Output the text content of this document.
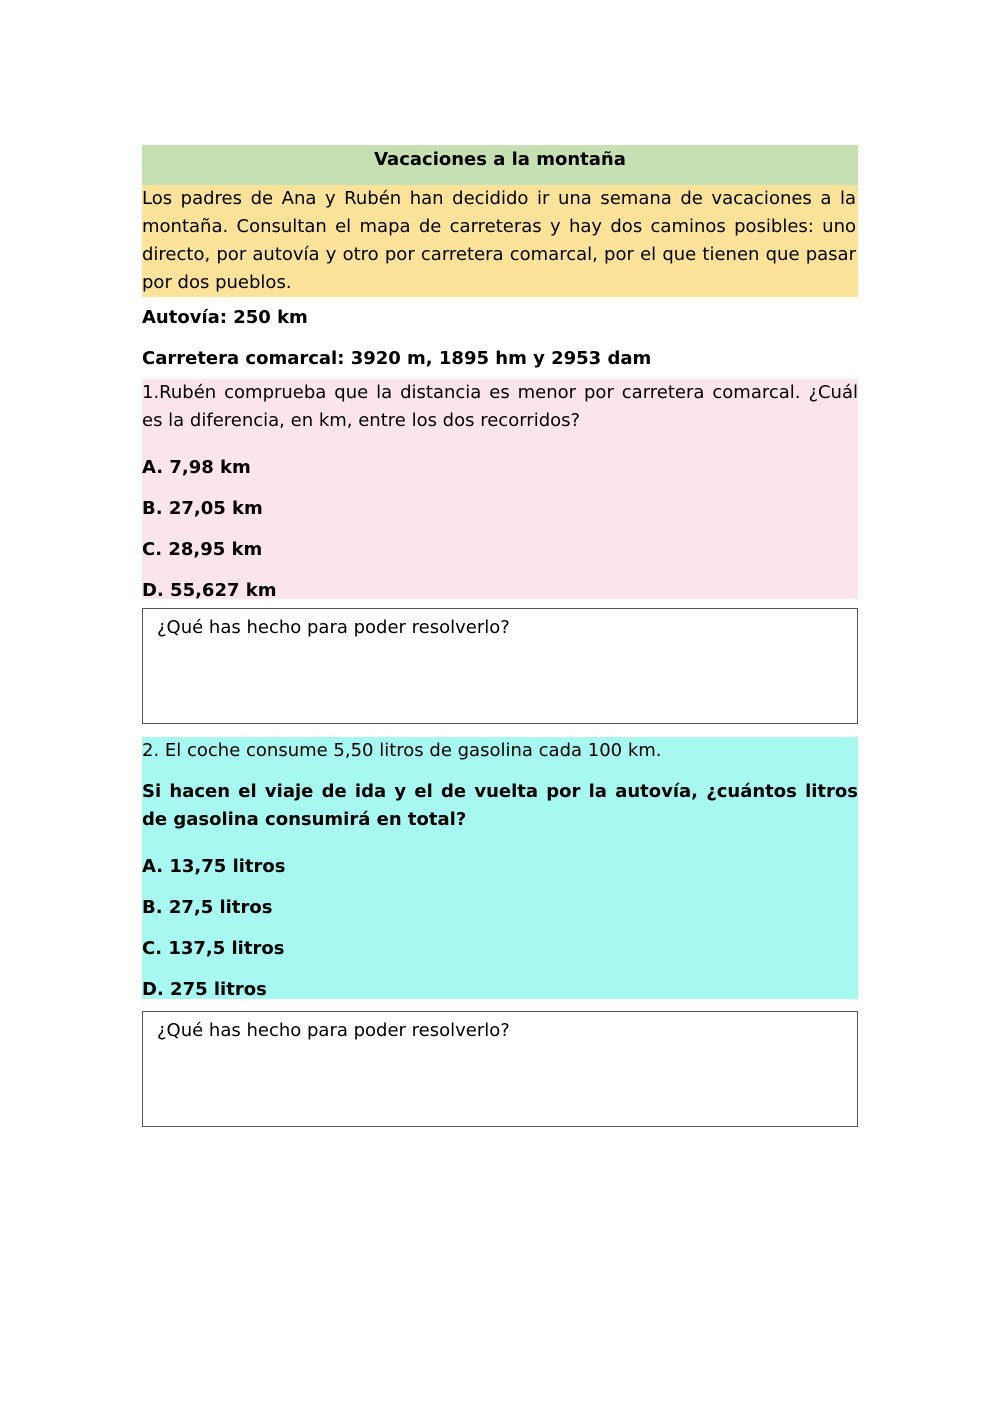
Vacaciones a la montaña
Los padres de Ana y Rubén han decidido ir una semana de vacaciones a la montaña. Consultan el mapa de carreteras y hay dos caminos posibles: uno directo, por autovía y otro por carretera comarcal, por el que tienen que pasar por dos pueblos.
Autovía: 250 km
Carretera comarcal: 3920 m, 1895 hm y 2953 dam
1.Rubén comprueba que la distancia es menor por carretera comarcal. ¿Cuál es la diferencia, en km, entre los dos recorridos?
A. 7,98 km
B. 27,05 km
C. 28,95 km
D. 55,627 km
¿Qué has hecho para poder resolverlo?
2. El coche consume 5,50 litros de gasolina cada 100 km.
Si hacen el viaje de ida y el de vuelta por la autovía, ¿cuántos litros de gasolina consumirá en total?
A. 13,75 litros
B. 27,5 litros
C. 137,5 litros
D. 275 litros
¿Qué has hecho para poder resolverlo?
